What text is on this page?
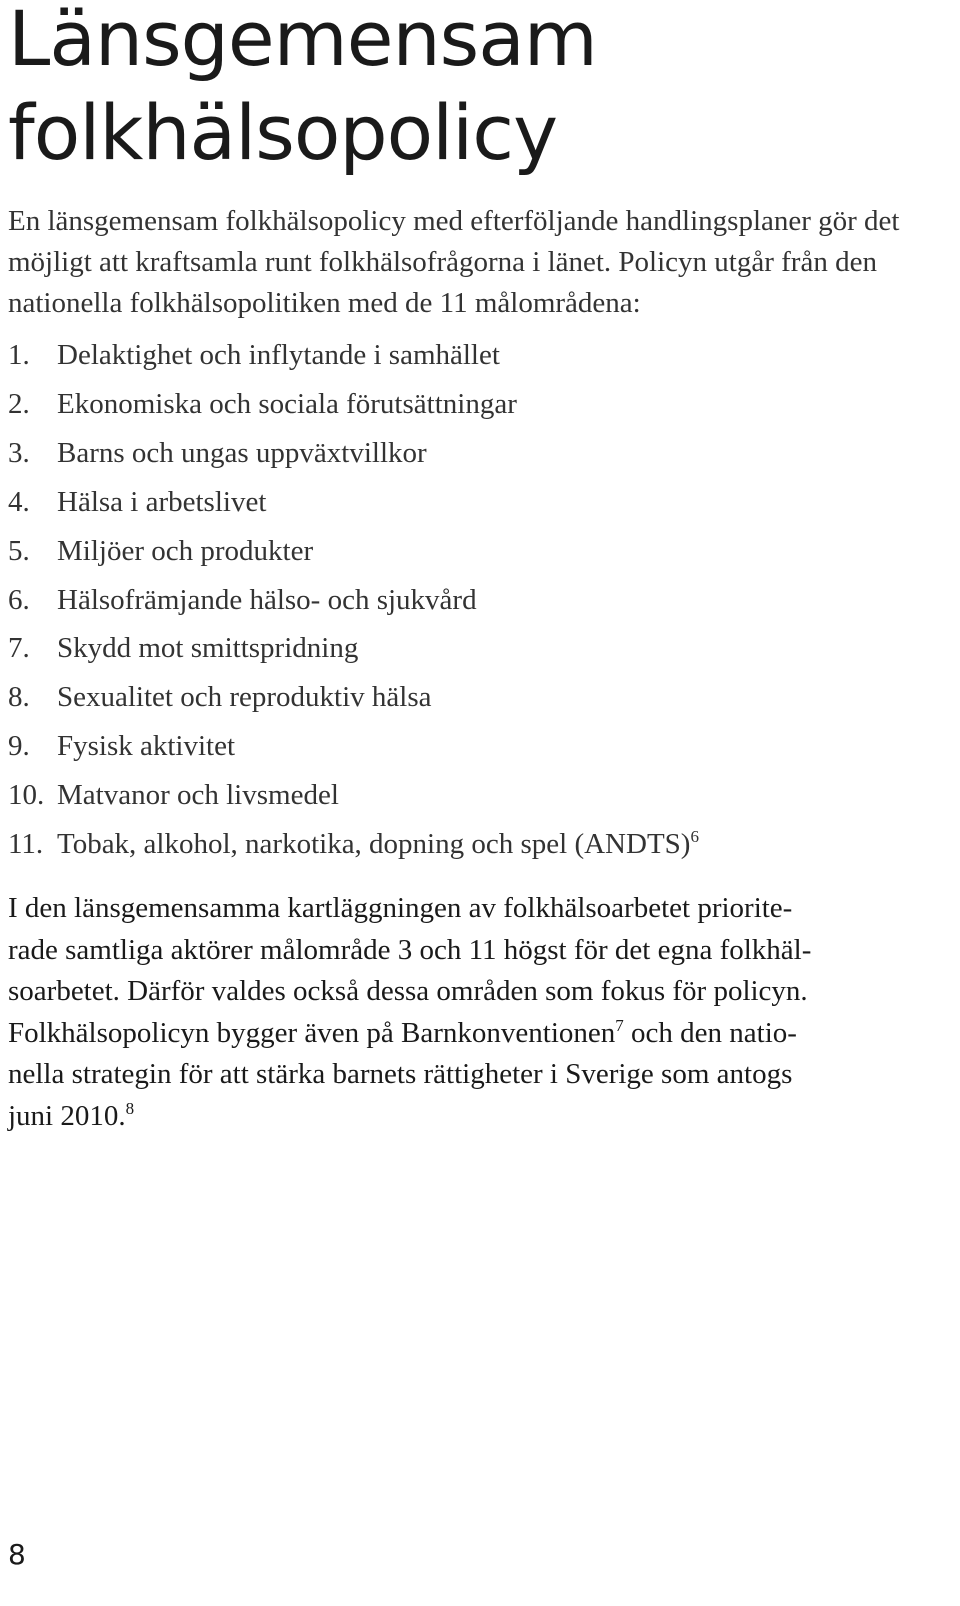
Länsgemensam
folkhälsopolicy

En länsgemensam folkhälsopolicy med efterföljande handlingsplaner gör det möjligt att kraftsamla runt folkhälsofrågorna i länet. Policyn utgår från den nationella folkhälsopolitiken med de 11 målområdena:

1. Delaktighet och inflytande i samhället
2. Ekonomiska och sociala förutsättningar
3. Barns och ungas uppväxtvillkor
4. Hälsa i arbetslivet
5. Miljöer och produkter
6. Hälsofrämjande hälso- och sjukvård
7. Skydd mot smittspridning
8. Sexualitet och reproduktiv hälsa
9. Fysisk aktivitet
10. Matvanor och livsmedel
11. Tobak, alkohol, narkotika, dopning och spel (ANDTS)$^6$

I den länsgemensamma kartläggningen av folkhälsoarbetet priorite-
rade samtliga aktörer målområde 3 och 11 högst för det egna folkhäl-
soarbetet. Därför valdes också dessa områden som fokus för policyn.
Folkhälsopolicyn bygger även på Barnkonventionen$^7$ och den natio-
nella strategin för att stärka barnets rättigheter i Sverige som antogs
juni 2010.$^8$

8
